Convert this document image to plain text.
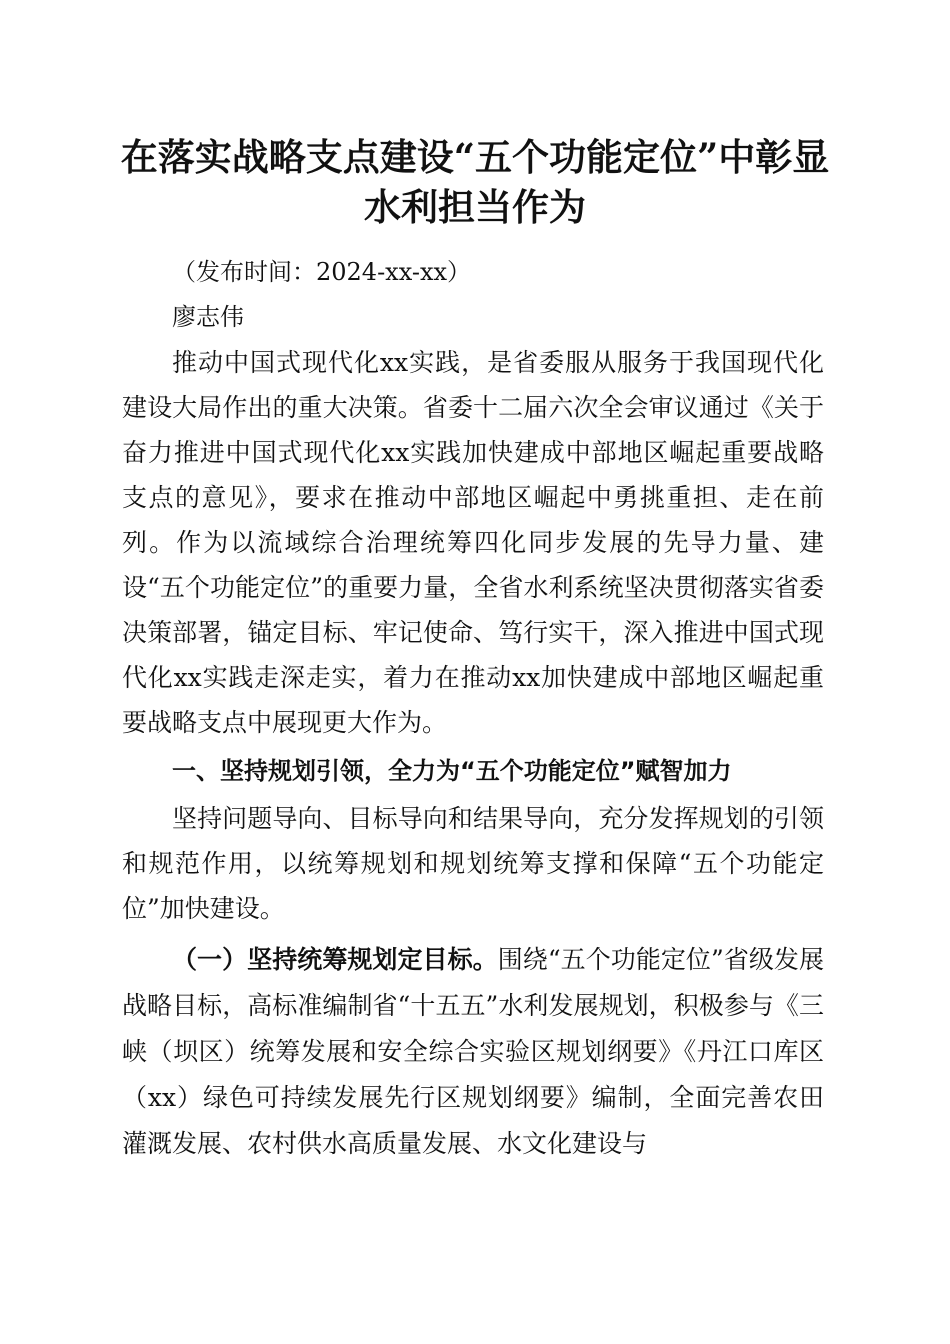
在落实战略支点建设“五个功能定位”中彰显
水利担当作为

（发布时间：2024-xx-xx）

廖志伟

推动中国式现代化xx实践，是省委服从服务于我国现代化建设大局作出的重大决策。省委十二届六次全会审议通过《关于奋力推进中国式现代化xx实践加快建成中部地区崛起重要战略支点的意见》，要求在推动中部地区崛起中勇挑重担、走在前列。作为以流域综合治理统筹四化同步发展的先导力量、建设“五个功能定位”的重要力量，全省水利系统坚决贯彻落实省委决策部署，锚定目标、牢记使命、笃行实干，深入推进中国式现代化xx实践走深走实，着力在推动xx加快建成中部地区崛起重要战略支点中展现更大作为。

一、坚持规划引领，全力为“五个功能定位”赋智加力

坚持问题导向、目标导向和结果导向，充分发挥规划的引领和规范作用，以统筹规划和规划统筹支撑和保障“五个功能定位”加快建设。

（一）坚持统筹规划定目标。围绕“五个功能定位”省级发展战略目标，高标准编制省“十五五”水利发展规划，积极参与《三峡（坝区）统筹发展和安全综合实验区规划纲要》《丹江口库区（xx）绿色可持续发展先行区规划纲要》编制，全面完善农田灌溉发展、农村供水高质量发展、水文化建设与
